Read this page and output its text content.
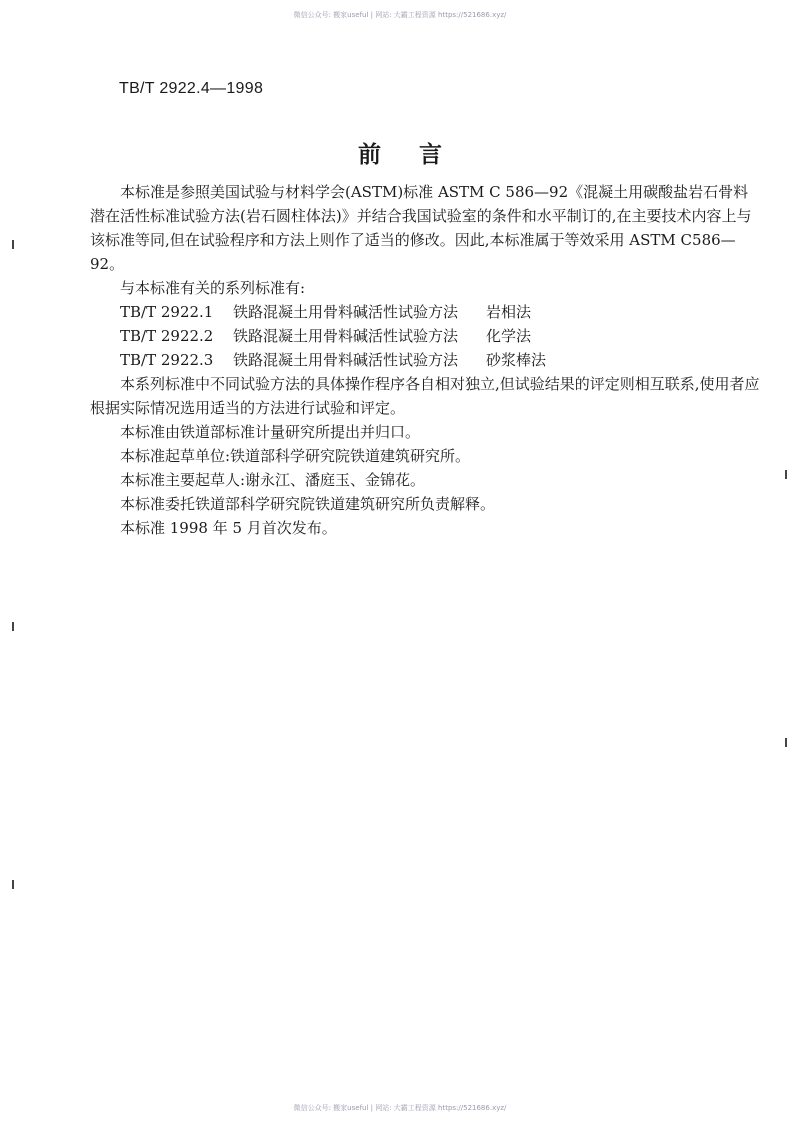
微信公众号: 搬家useful | 网站: 大霸工程资源 https://521686.xyz/
TB/T 2922.4—1998
前言

本标准是参照美国试验与材料学会(ASTM)标准 ASTM C 586—92《混凝土用碳酸盐岩石骨料潜在活性标准试验方法(岩石圆柱体法)》并结合我国试验室的条件和水平制订的,在主要技术内容上与该标准等同,但在试验程序和方法上则作了适当的修改。因此,本标准属于等效采用 ASTM C586—92。

与本标准有关的系列标准有:

TB/T 2922.1 铁路混凝土用骨料碱活性试验方法 岩相法
TB/T 2922.2 铁路混凝土用骨料碱活性试验方法 化学法
TB/T 2922.3 铁路混凝土用骨料碱活性试验方法 砂浆棒法

本系列标准中不同试验方法的具体操作程序各自相对独立,但试验结果的评定则相互联系,使用者应根据实际情况选用适当的方法进行试验和评定。

本标准由铁道部标准计量研究所提出并归口。

本标准起草单位:铁道部科学研究院铁道建筑研究所。

本标准主要起草人:谢永江、潘庭玉、金锦花。

本标准委托铁道部科学研究院铁道建筑研究所负责解释。

本标准 1998 年 5 月首次发布。

微信公众号: 搬家useful | 网站: 大霸工程资源 https://521686.xyz/
